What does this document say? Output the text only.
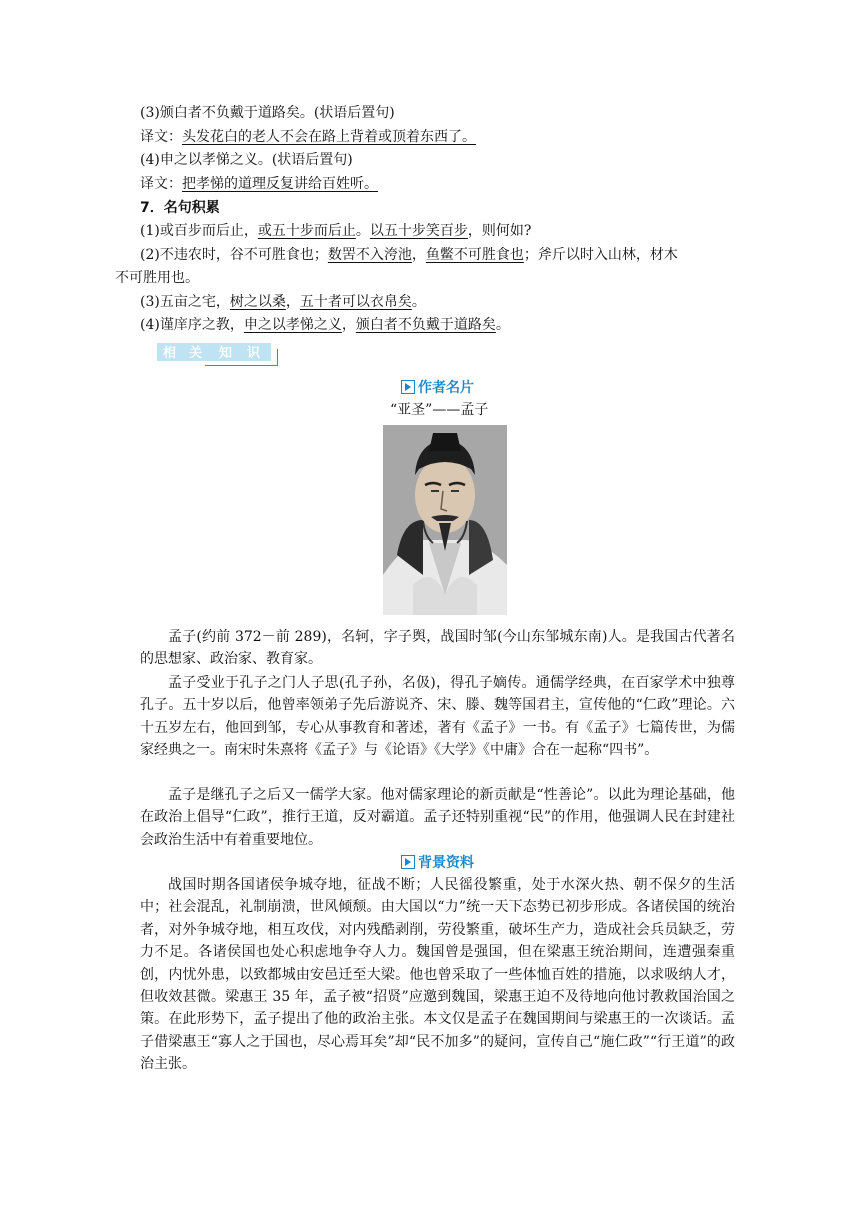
(3)颁白者不负戴于道路矣。(状语后置句)
译文：头发花白的老人不会在路上背着或顶着东西了。
(4)申之以孝悌之义。(状语后置句)
译文：把孝悌的道理反复讲给百姓听。
7．名句积累
(1)或百步而后止，或五十步而后止。以五十步笑百步，则何如?
(2)不违农时，谷不可胜食也；数罟不入洿池，鱼鳖不可胜食也；斧斤以时入山林，材木
不可胜用也。
(3)五亩之宅，树之以桑，五十者可以衣帛矣。
(4)谨庠序之教，申之以孝悌之义，颁白者不负戴于道路矣。
相 关 知 识
作者名片
“亚圣”——孟子
孟子(约前 372－前 289)，名轲，字子舆，战国时邹(今山东邹城东南)人。是我国古代著名的思想家、政治家、教育家。
孟子受业于孔子之门人子思(孔子孙，名伋)，得孔子嫡传。通儒学经典，在百家学术中独尊孔子。五十岁以后，他曾率领弟子先后游说齐、宋、滕、魏等国君主，宣传他的“仁政”理论。六十五岁左右，他回到邹，专心从事教育和著述，著有《孟子》一书。有《孟子》七篇传世，为儒家经典之一。南宋时朱熹将《孟子》与《论语》《大学》《中庸》合在一起称“四书”。
孟子是继孔子之后又一儒学大家。他对儒家理论的新贡献是“性善论”。以此为理论基础，他在政治上倡导“仁政”，推行王道，反对霸道。孟子还特别重视“民”的作用，他强调人民在封建社会政治生活中有着重要地位。
背景资料
战国时期各国诸侯争城夺地，征战不断；人民徭役繁重，处于水深火热、朝不保夕的生活中；社会混乱，礼制崩溃，世风倾颓。由大国以“力”统一天下态势已初步形成。各诸侯国的统治者，对外争城夺地，相互攻伐，对内残酷剥削，劳役繁重，破坏生产力，造成社会兵员缺乏，劳力不足。各诸侯国也处心积虑地争夺人力。魏国曾是强国，但在梁惠王统治期间，连遭强秦重创，内忧外患，以致都城由安邑迁至大梁。他也曾采取了一些体恤百姓的措施，以求吸纳人才，但收效甚微。梁惠王 35 年，孟子被“招贤”应邀到魏国，梁惠王迫不及待地向他讨教救国治国之策。在此形势下，孟子提出了他的政治主张。本文仅是孟子在魏国期间与梁惠王的一次谈话。孟子借梁惠王“寡人之于国也，尽心焉耳矣”却“民不加多”的疑问，宣传自己“施仁政”“行王道”的政治主张。
